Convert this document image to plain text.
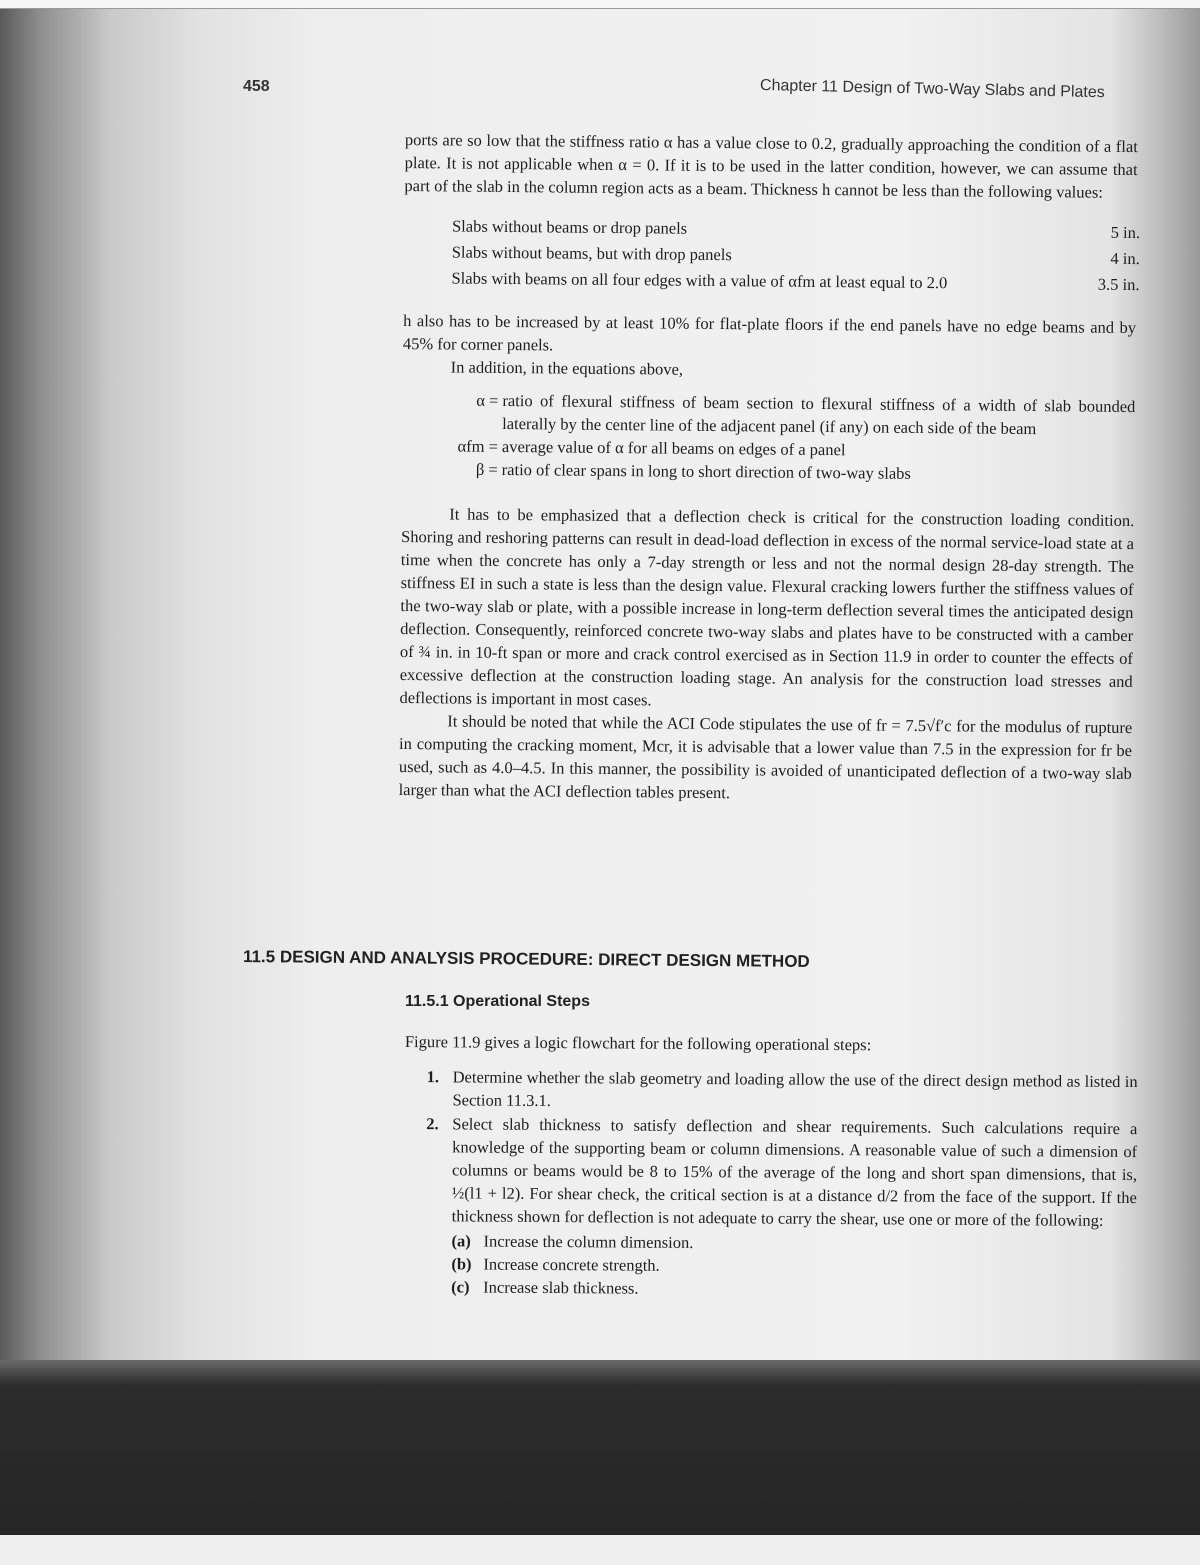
458	Chapter 11 Design of Two-Way Slabs and Plates

ports are so low that the stiffness ratio α has a value close to 0.2, gradually approaching the condition of a flat plate. It is not applicable when α = 0. If it is to be used in the latter condition, however, we can assume that part of the slab in the column region acts as a beam. Thickness h cannot be less than the following values:

Slabs without beams or drop panels	5 in.
Slabs without beams, but with drop panels	4 in.
Slabs with beams on all four edges with a value of αfm at least equal to 2.0	3.5 in.

h also has to be increased by at least 10% for flat-plate floors if the end panels have no edge beams and by 45% for corner panels.

In addition, in the equations above,

α = ratio of flexural stiffness of beam section to flexural stiffness of a width of slab bounded laterally by the center line of the adjacent panel (if any) on each side of the beam
αfm = average value of α for all beams on edges of a panel
β = ratio of clear spans in long to short direction of two-way slabs

It has to be emphasized that a deflection check is critical for the construction loading condition. Shoring and reshoring patterns can result in dead-load deflection in excess of the normal service-load state at a time when the concrete has only a 7-day strength or less and not the normal design 28-day strength. The stiffness EI in such a state is less than the design value. Flexural cracking lowers further the stiffness values of the two-way slab or plate, with a possible increase in long-term deflection several times the anticipated design deflection. Consequently, reinforced concrete two-way slabs and plates have to be constructed with a camber of ¾ in. in 10-ft span or more and crack control exercised as in Section 11.9 in order to counter the effects of excessive deflection at the construction loading stage. An analysis for the construction load stresses and deflections is important in most cases.

It should be noted that while the ACI Code stipulates the use of fr = 7.5√f′c for the modulus of rupture in computing the cracking moment, Mcr, it is advisable that a lower value than 7.5 in the expression for fr be used, such as 4.0–4.5. In this manner, the possibility is avoided of unanticipated deflection of a two-way slab larger than what the ACI deflection tables present.

11.5 DESIGN AND ANALYSIS PROCEDURE: DIRECT DESIGN METHOD
11.5.1 Operational Steps

Figure 11.9 gives a logic flowchart for the following operational steps:

1. Determine whether the slab geometry and loading allow the use of the direct design method as listed in Section 11.3.1.
2. Select slab thickness to satisfy deflection and shear requirements. Such calculations require a knowledge of the supporting beam or column dimensions. A reasonable value of such a dimension of columns or beams would be 8 to 15% of the average of the long and short span dimensions, that is, ½(l1 + l2). For shear check, the critical section is at a distance d/2 from the face of the support. If the thickness shown for deflection is not adequate to carry the shear, use one or more of the following:
(a) Increase the column dimension.
(b) Increase concrete strength.
(c) Increase slab thickness.
